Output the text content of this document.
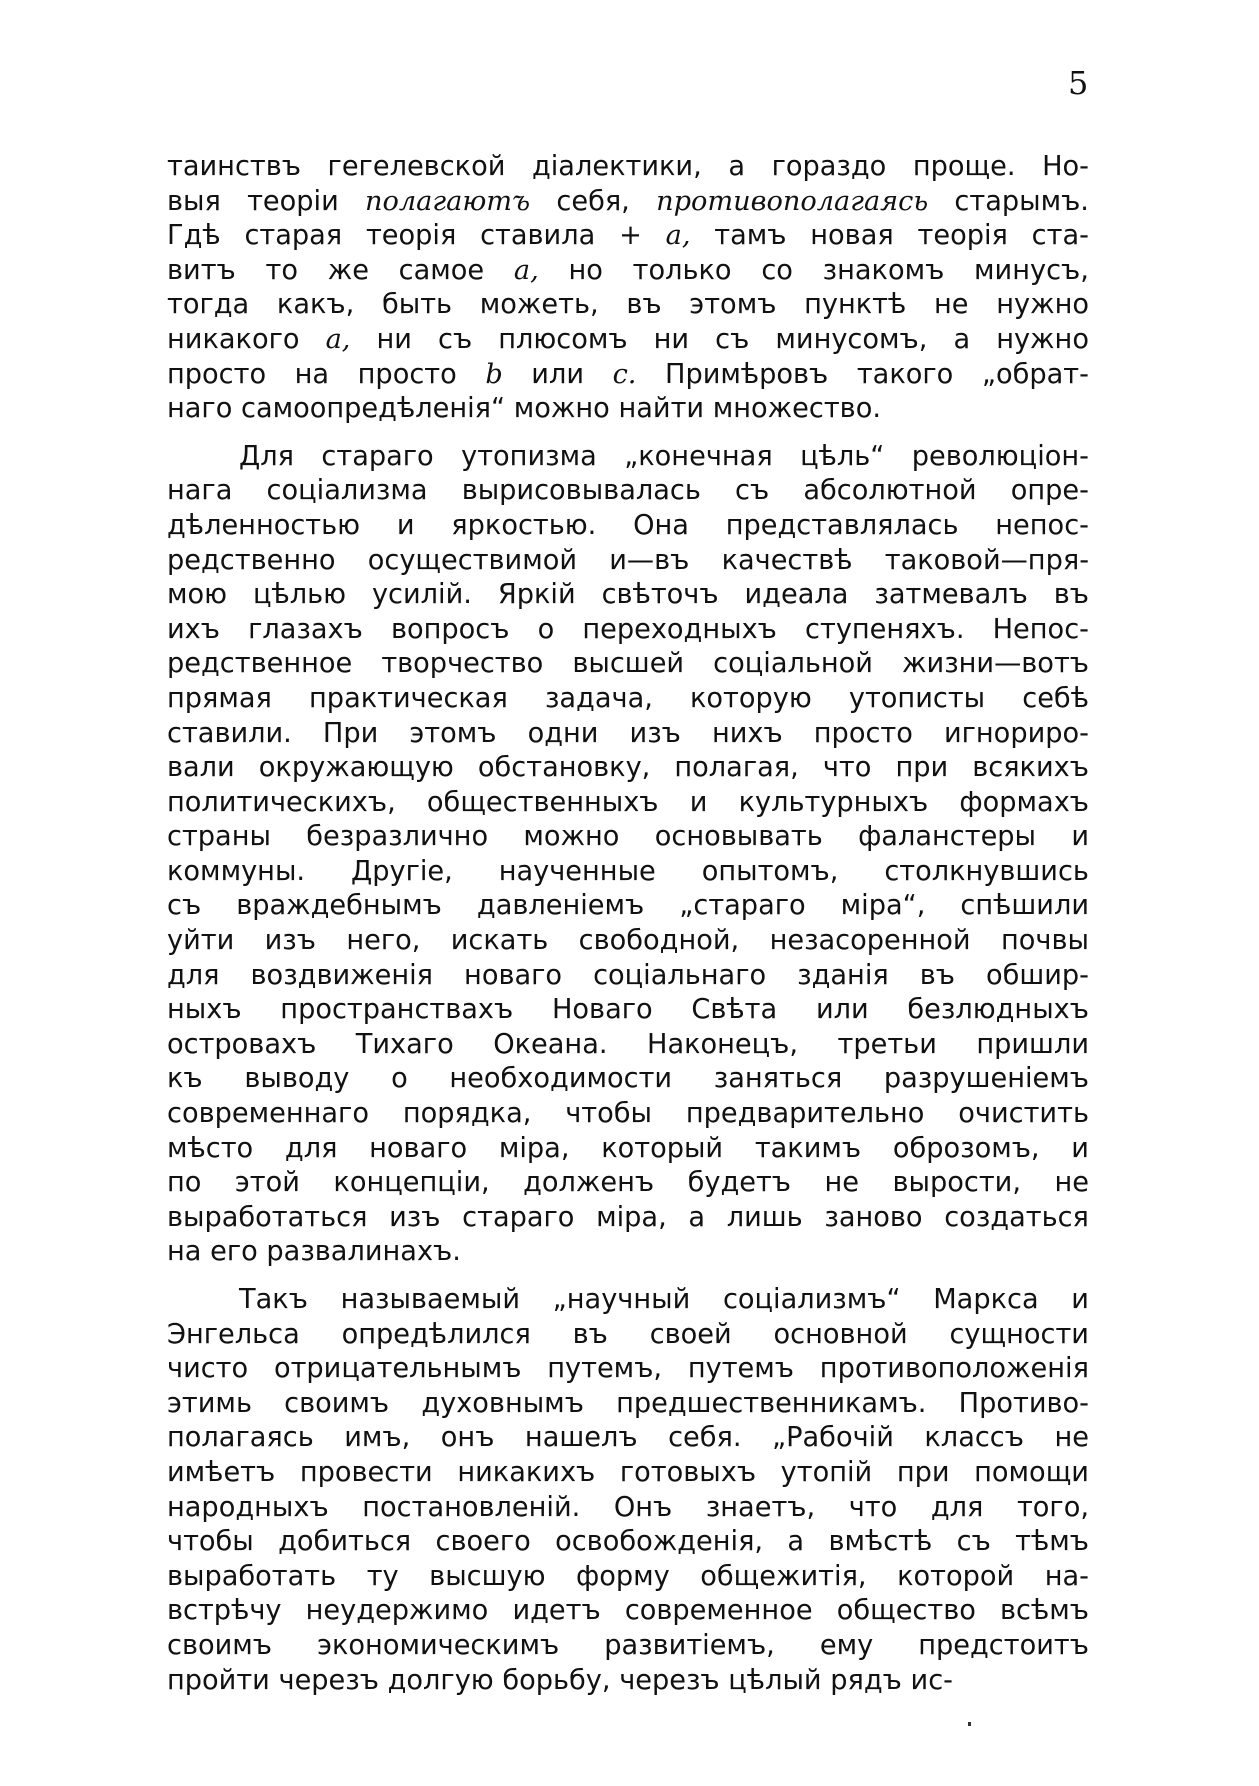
5
таинствъ гегелевской діалектики, а гораздо проще. Но-
выя теоріи полагаютъ себя, противополагаясь старымъ.
Гдѣ старая теорія ставила + a, тамъ новая теорія ста-
витъ то же самое a, но только со знакомъ минусъ,
тогда какъ, быть можеть, въ этомъ пунктѣ не нужно
никакого a, ни съ плюсомъ ни съ минусомъ, а нужно
просто на просто b или c. Примѣровъ такого „обрат-
наго
самоопредѣленія“
можно
найти
множество.
Для стараго утопизма „конечная цѣль“ революціон-
нага соціализма вырисовывалась съ абсолютной опре-
дѣленностью и яркостью. Она представлялась непос-
редственно осуществимой и—въ качествѣ таковой—пря-
мою цѣлью усилій. Яркій свѣточъ идеала затмевалъ въ
ихъ глазахъ вопросъ о переходныхъ ступеняхъ. Непос-
редственное творчество высшей соціальной жизни—вотъ
прямая практическая задача, которую утописты себѣ
ставили. При этомъ одни изъ нихъ просто игнориро-
вали окружающую обстановку, полагая, что при всякихъ
политическихъ, общественныхъ и культурныхъ формахъ
страны безразлично можно основывать фаланстеры и
коммуны. Другіе, наученные опытомъ, столкнувшись
съ враждебнымъ давленіемъ „стараго міра“, спѣшили
уйти изъ него, искать свободной, незасоренной почвы
для воздвиженія новаго соціальнаго зданія въ обшир-
ныхъ пространствахъ Новаго Свѣта или безлюдныхъ
островахъ Тихаго Океана. Наконецъ, третьи пришли
къ выводу о необходимости заняться разрушеніемъ
современнаго порядка, чтобы предварительно очистить
мѣсто для новаго міра, который такимъ оброзомъ, и
по этой концепціи, долженъ будетъ не вырости, не
выработаться изъ стараго міра, а лишь заново создаться
на
его
развалинахъ.
Такъ называемый „научный соціализмъ“ Маркса и
Энгельса опредѣлился въ своей основной сущности
чисто отрицательнымъ путемъ, путемъ противоположенія
этимь своимъ духовнымъ предшественникамъ. Противо-
полагаясь имъ, онъ нашелъ себя. „Рабочій классъ не
имѣетъ провести никакихъ готовыхъ утопій при помощи
народныхъ постановленій. Онъ знаетъ, что для того,
чтобы добиться своего освобожденія, а вмѣстѣ съ тѣмъ
выработать ту высшую форму общежитія, которой на-
встрѣчу неудержимо идетъ современное общество всѣмъ
своимъ экономическимъ развитіемъ, ему предстоитъ
пройти
черезъ
долгую
борьбу,
черезъ
цѣлый
рядъ
ис-
